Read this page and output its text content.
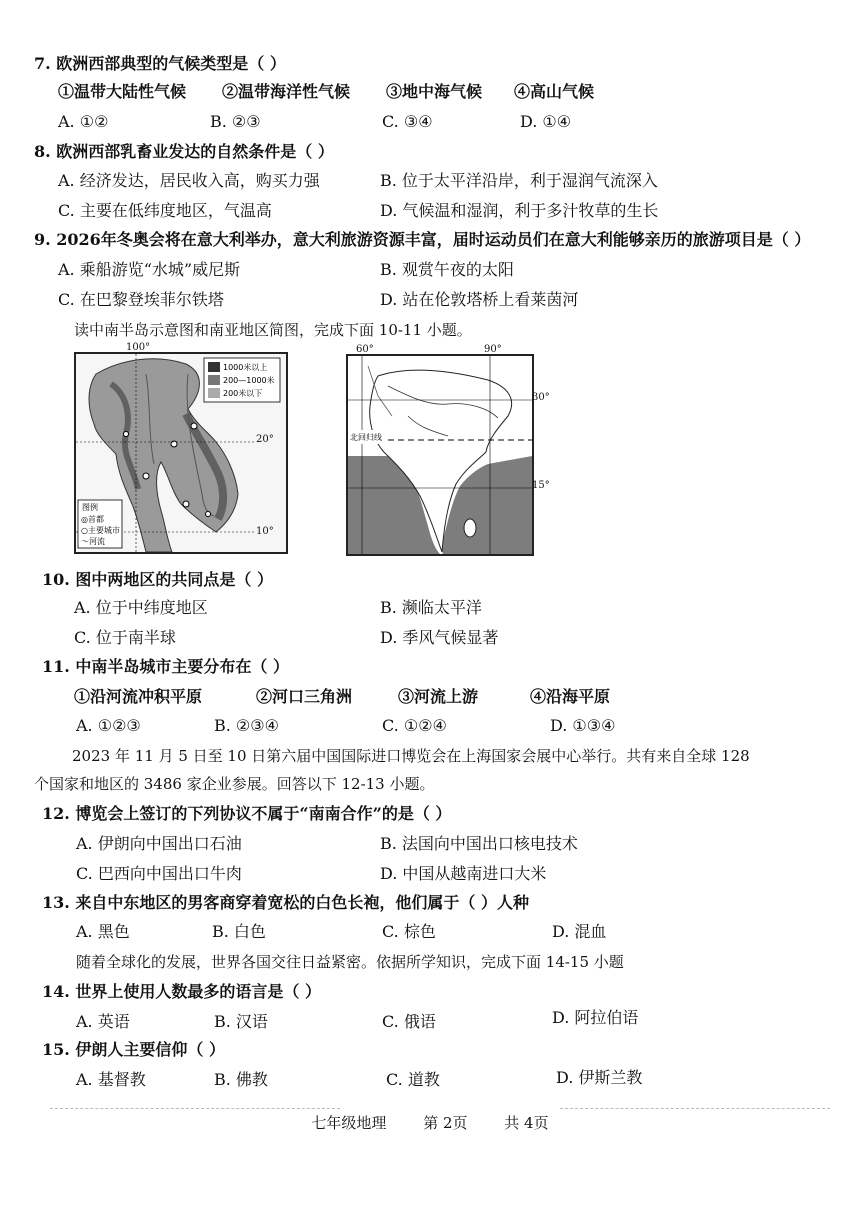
7. 欧洲西部典型的气候类型是（ ）
①温带大陆性气候 ②温带海洋性气候 ③地中海气候 ④高山气候
A. ①②	B. ②③	C. ③④	D. ①④
8. 欧洲西部乳畜业发达的自然条件是（ ）
A. 经济发达，居民收入高，购买力强	B. 位于太平洋沿岸，利于湿润气流深入
C. 主要在低纬度地区，气温高	D. 气候温和湿润，利于多汁牧草的生长
9. 2026年冬奥会将在意大利举办，意大利旅游资源丰富，届时运动员们在意大利能够亲历的旅游项目是（ ）
A. 乘船游览“水城”威尼斯	B. 观赏午夜的太阳
C. 在巴黎登埃菲尔铁塔	D. 站在伦敦塔桥上看莱茵河
读中南半岛示意图和南亚地区简图，完成下面 10-11 小题。
1000米以上
200—1000米
200米以下
图例
◎首都
○主要城市
〜河流
100°
20°
10°
北回归线
60°	90°
30°
15°
10. 图中两地区的共同点是（ ）
A. 位于中纬度地区	B. 濒临太平洋
C. 位于南半球	D. 季风气候显著
11. 中南半岛城市主要分布在（ ）
①沿河流冲积平原	②河口三角洲	③河流上游	④沿海平原
A. ①②③	B. ②③④	C. ①②④	D. ①③④
2023 年 11 月 5 日至 10 日第六届中国国际进口博览会在上海国家会展中心举行。共有来自全球 128
个国家和地区的 3486 家企业参展。回答以下 12-13 小题。
12. 博览会上签订的下列协议不属于“南南合作”的是（ ）
A. 伊朗向中国出口石油	B. 法国向中国出口核电技术
C. 巴西向中国出口牛肉	D. 中国从越南进口大米
13. 来自中东地区的男客商穿着宽松的白色长袍，他们属于（ ）人种
A. 黑色	B. 白色	C. 棕色	D. 混血
随着全球化的发展，世界各国交往日益紧密。依据所学知识，完成下面 14-15 小题
14. 世界上使用人数最多的语言是（ ）
A. 英语	B. 汉语	C. 俄语	D. 阿拉伯语
15. 伊朗人主要信仰（ ）
A. 基督教	B. 佛教	C. 道教	D. 伊斯兰教
七年级地理 第 2页 共 4页
